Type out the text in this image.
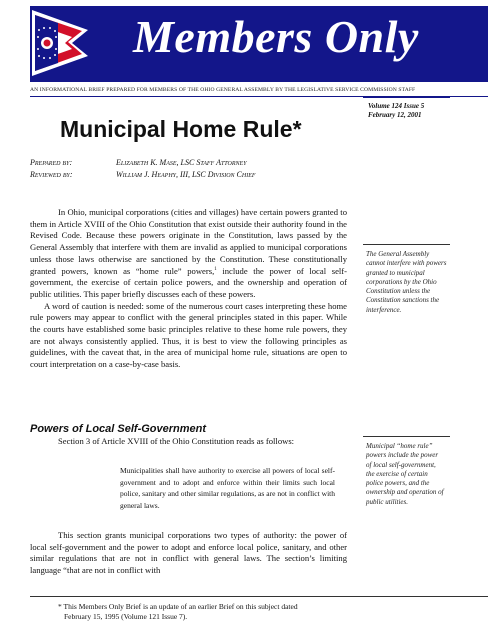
Members Only
AN INFORMATIONAL BRIEF PREPARED FOR MEMBERS OF THE OHIO GENERAL ASSEMBLY BY THE LEGISLATIVE SERVICE COMMISSION STAFF
Volume 124 Issue 5
February 12, 2001
Municipal Home Rule*
Prepared by:	Elizabeth K. Mase, LSC Staff Attorney
Reviewed by:	William J. Heaphy, III, LSC Division Chief

In Ohio, municipal corporations (cities and villages) have certain powers granted to them in Article XVIII of the Ohio Constitution that exist outside their authority found in the Revised Code. Because these powers originate in the Constitution, laws passed by the General Assembly that interfere with them are invalid as applied to municipal corporations unless those laws otherwise are sanctioned by the Constitution. These constitutionally granted powers, known as “home rule” powers,$^1$ include the power of local self-government, the exercise of certain police powers, and the ownership and operation of public utilities. This paper briefly discusses each of these powers.

A word of caution is needed: some of the numerous court cases interpreting these home rule powers may appear to conflict with the general principles stated in this paper. While the courts have established some basic principles relative to these home rule powers, they are not always consistently applied. Thus, it is best to view the following principles as guidelines, with the caveat that, in the area of municipal home rule, situations are open to court interpretation on a case-by-case basis.

The General Assembly cannot interfere with powers granted to municipal corporations by the Ohio Constitution unless the Constitution sanctions the interference.
Powers of Local Self-Government
Section 3 of Article XVIII of the Ohio Constitution reads as follows:
Municipalities shall have authority to exercise all powers of local self-government and to adopt and enforce within their limits such local police, sanitary and other similar regulations, as are not in conflict with general laws.

This section grants municipal corporations two types of authority: the power of local self-government and the power to adopt and enforce local police, sanitary, and other similar regulations that are not in conflict with general laws. The section’s limiting language “that are not in conflict with

Municipal “home rule” powers include the power of local self-government, the exercise of certain police powers, and the ownership and operation of public utilities.
* This Members Only Brief is an update of an earlier Brief on this subject dated
February 15, 1995 (Volume 121 Issue 7).
